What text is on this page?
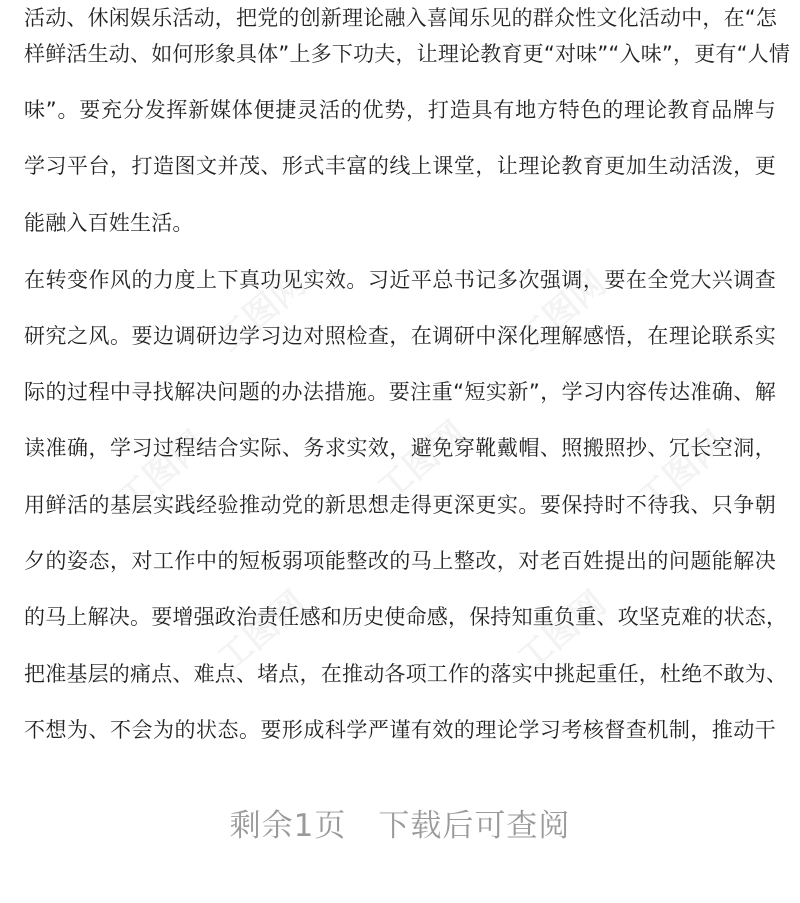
活动、休闲娱乐活动，把党的创新理论融入喜闻乐见的群众性文化活动中，在“怎
样鲜活生动、如何形象具体”上多下功夫，让理论教育更“对味”“入味”，更有“人情
味”。要充分发挥新媒体便捷灵活的优势，打造具有地方特色的理论教育品牌与
学习平台，打造图文并茂、形式丰富的线上课堂，让理论教育更加生动活泼，更
能融入百姓生活。
在转变作风的力度上下真功见实效。习近平总书记多次强调，要在全党大兴调查
研究之风。要边调研边学习边对照检查，在调研中深化理解感悟，在理论联系实
际的过程中寻找解决问题的办法措施。要注重“短实新”，学习内容传达准确、解
读准确，学习过程结合实际、务求实效，避免穿靴戴帽、照搬照抄、冗长空洞，
用鲜活的基层实践经验推动党的新思想走得更深更实。要保持时不待我、只争朝
夕的姿态，对工作中的短板弱项能整改的马上整改，对老百姓提出的问题能解决
的马上解决。要增强政治责任感和历史使命感，保持知重负重、攻坚克难的状态，
把准基层的痛点、难点、堵点，在推动各项工作的落实中挑起重任，杜绝不敢为、
不想为、不会为的状态。要形成科学严谨有效的理论学习考核督查机制，推动干
工图网	工图网
工图网	工图网	工图网
工图网	工图网
剩余1页　下载后可查阅
